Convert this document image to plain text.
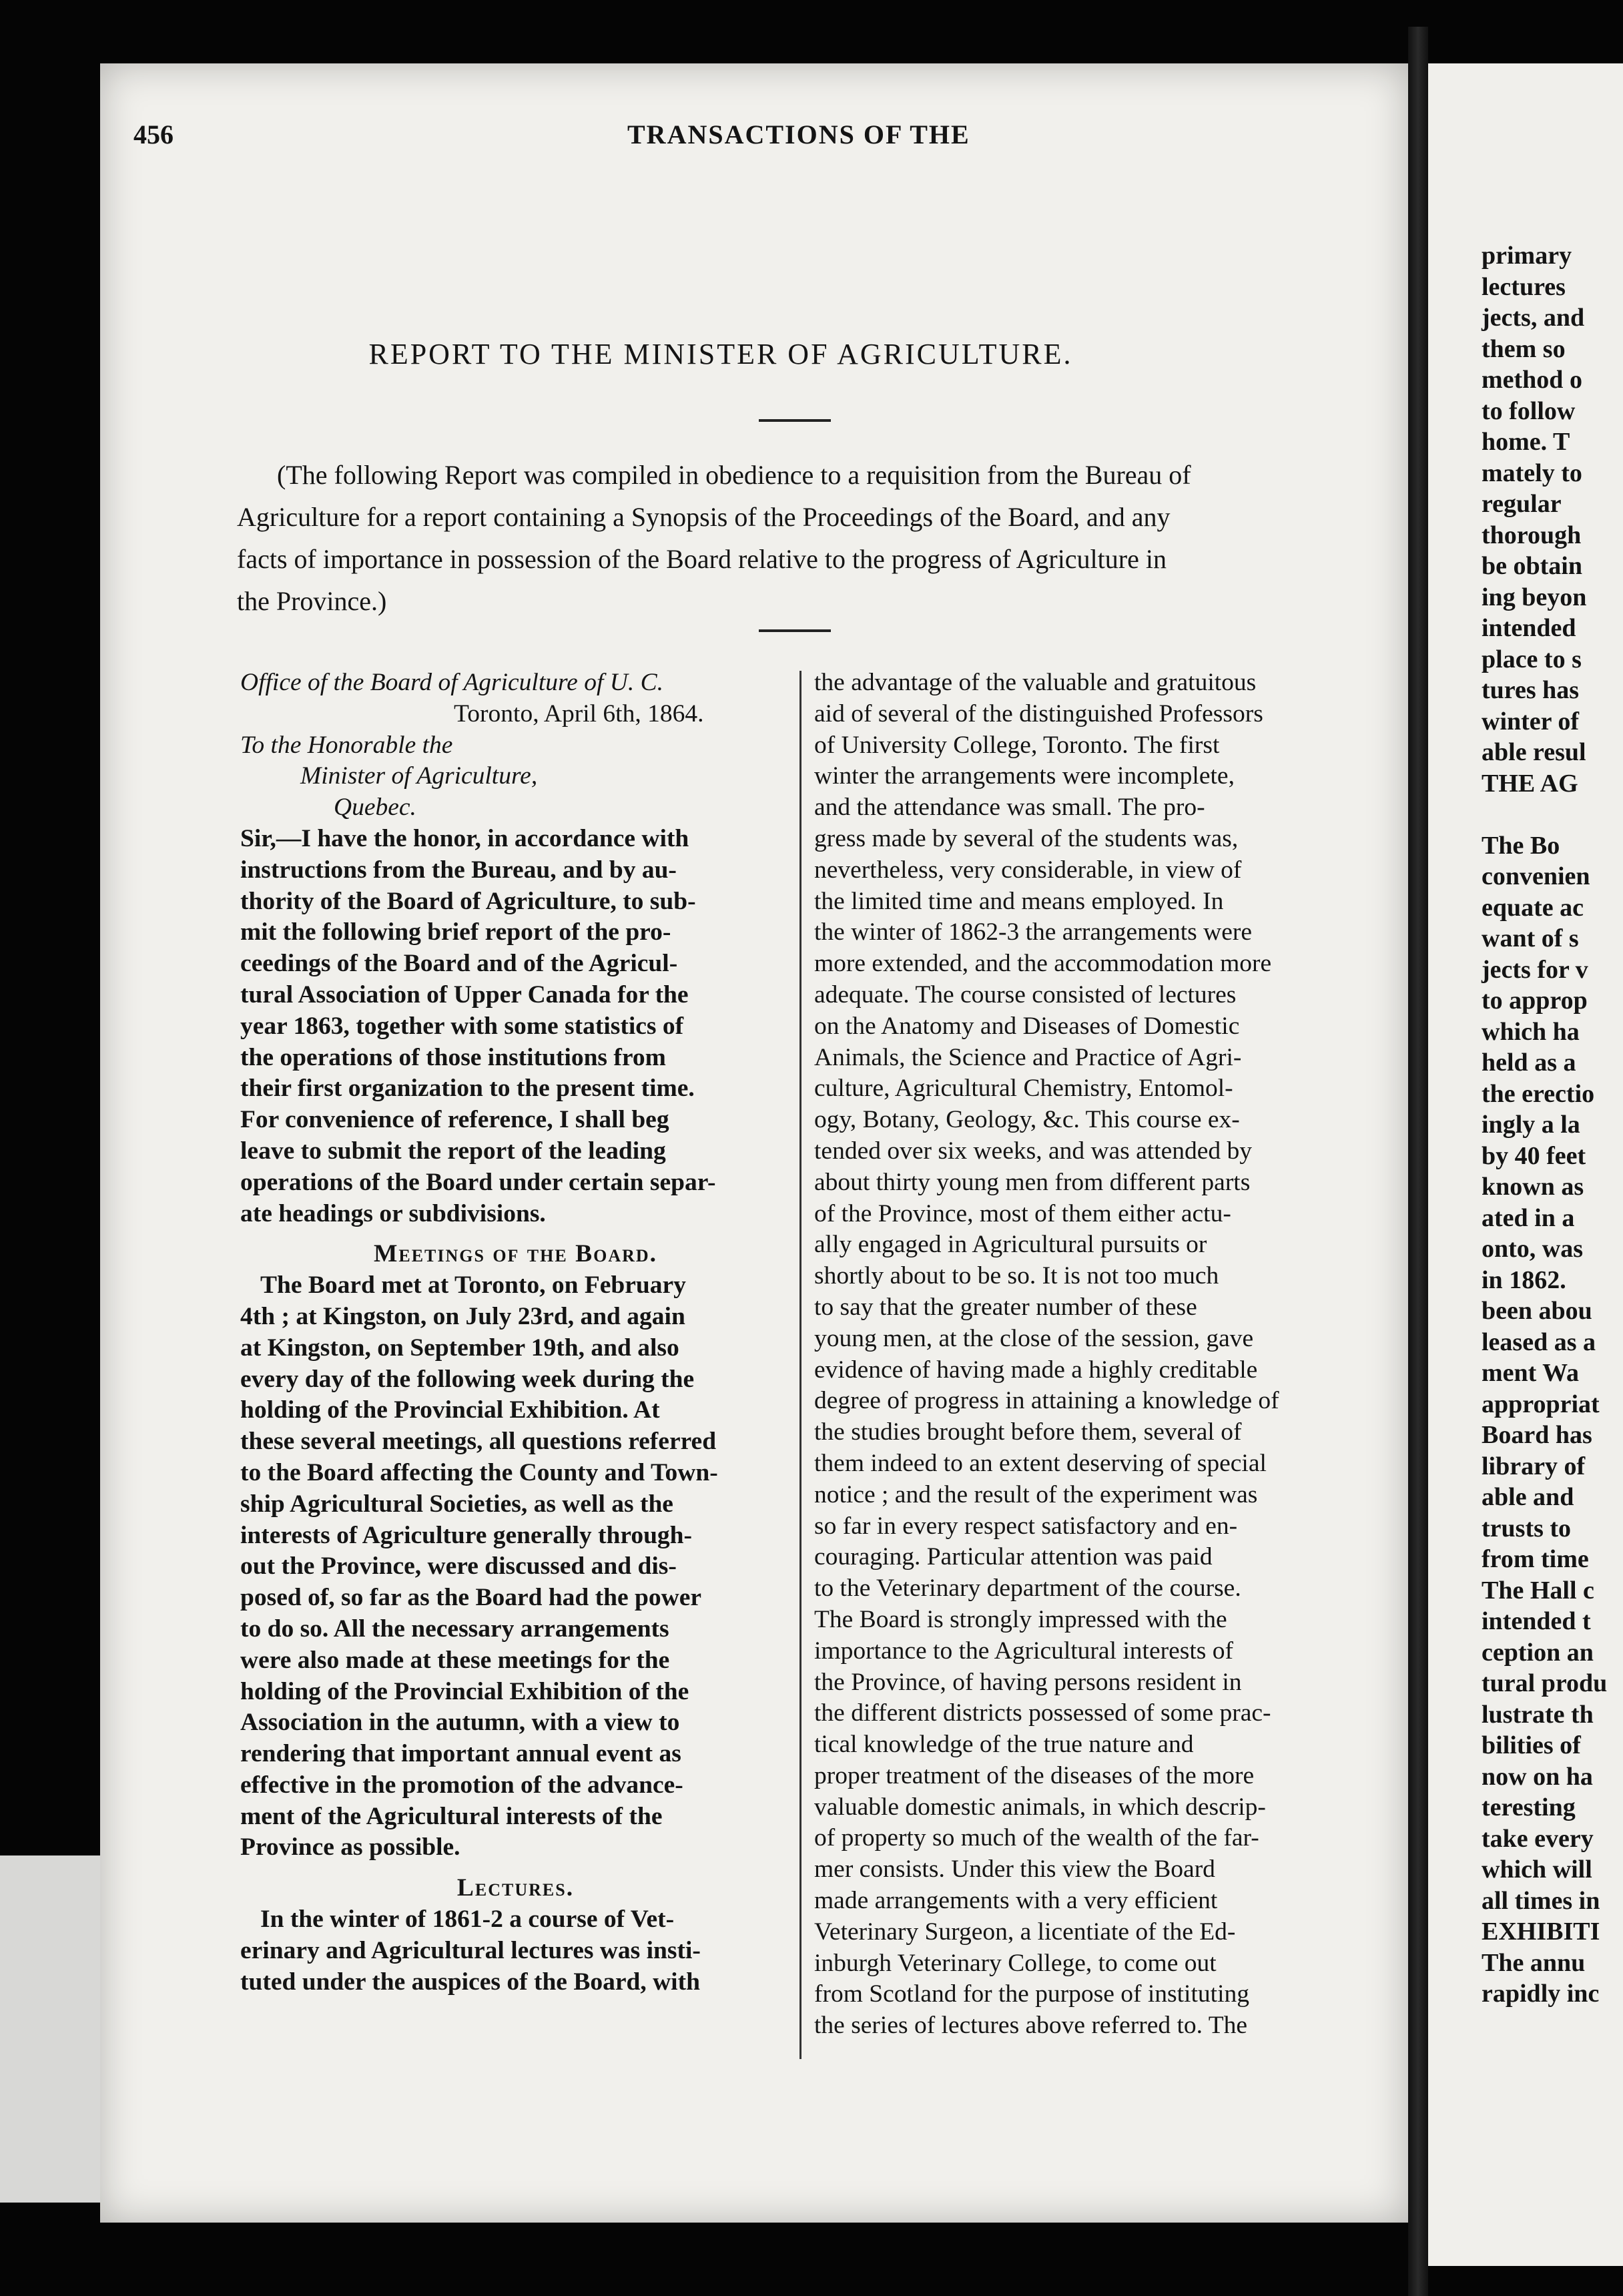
primary

lectures

jects, and

them so

method o

to follow

home. T

mately to

regular

thorough

be obtain

ing beyon

intended

place to s

tures has

winter of

able resul

THE AG

The Bo

convenien

equate ac

want of s

jects for v

to approp

which ha

held as a

the erectio

ingly a la

by 40 feet

known as

ated in a

onto, was

in 1862.

been abou

leased as a

ment Wa

appropriat

Board has

library of

able and

trusts to

from time

The Hall c

intended t

ception an

tural produ

lustrate th

bilities of

now on ha

teresting

take every

which will

all times in

EXHIBITI

The annu

rapidly inc

456	TRANSACTIONS OF THE
REPORT TO THE MINISTER OF AGRICULTURE.

(The following Report was compiled in obedience to a requisition from the Bureau of
Agriculture for a report containing a Synopsis of the Proceedings of the Board, and any
facts of importance in possession of the Board relative to the progress of Agriculture in
the Province.)

Office of the Board of Agriculture of U. C.
Toronto, April 6th, 1864.
To the Honorable the
Minister of Agriculture,
Quebec.
Sir,—I have the honor, in accordance with
instructions from the Bureau, and by au-
thority of the Board of Agriculture, to sub-
mit the following brief report of the pro-
ceedings of the Board and of the Agricul-
tural Association of Upper Canada for the
year 1863, together with some statistics of
the operations of those institutions from
their first organization to the present time.
For convenience of reference, I shall beg
leave to submit the report of the leading
operations of the Board under certain separ-
ate headings or subdivisions.
Meetings of the Board.
The Board met at Toronto, on February
4th ; at Kingston, on July 23rd, and again
at Kingston, on September 19th, and also
every day of the following week during the
holding of the Provincial Exhibition. At
these several meetings, all questions referred
to the Board affecting the County and Town-
ship Agricultural Societies, as well as the
interests of Agriculture generally through-
out the Province, were discussed and dis-
posed of, so far as the Board had the power
to do so. All the necessary arrangements
were also made at these meetings for the
holding of the Provincial Exhibition of the
Association in the autumn, with a view to
rendering that important annual event as
effective in the promotion of the advance-
ment of the Agricultural interests of the
Province as possible.
Lectures.
In the winter of 1861-2 a course of Vet-
erinary and Agricultural lectures was insti-
tuted under the auspices of the Board, with
the advantage of the valuable and gratuitous
aid of several of the distinguished Professors
of University College, Toronto. The first
winter the arrangements were incomplete,
and the attendance was small. The pro-
gress made by several of the students was,
nevertheless, very considerable, in view of
the limited time and means employed. In
the winter of 1862-3 the arrangements were
more extended, and the accommodation more
adequate. The course consisted of lectures
on the Anatomy and Diseases of Domestic
Animals, the Science and Practice of Agri-
culture, Agricultural Chemistry, Entomol-
ogy, Botany, Geology, &c. This course ex-
tended over six weeks, and was attended by
about thirty young men from different parts
of the Province, most of them either actu-
ally engaged in Agricultural pursuits or
shortly about to be so. It is not too much
to say that the greater number of these
young men, at the close of the session, gave
evidence of having made a highly creditable
degree of progress in attaining a knowledge of
the studies brought before them, several of
them indeed to an extent deserving of special
notice ; and the result of the experiment was
so far in every respect satisfactory and en-
couraging. Particular attention was paid
to the Veterinary department of the course.
The Board is strongly impressed with the
importance to the Agricultural interests of
the Province, of having persons resident in
the different districts possessed of some prac-
tical knowledge of the true nature and
proper treatment of the diseases of the more
valuable domestic animals, in which descrip-
of property so much of the wealth of the far-
mer consists. Under this view the Board
made arrangements with a very efficient
Veterinary Surgeon, a licentiate of the Ed-
inburgh Veterinary College, to come out
from Scotland for the purpose of instituting
the series of lectures above referred to. The
